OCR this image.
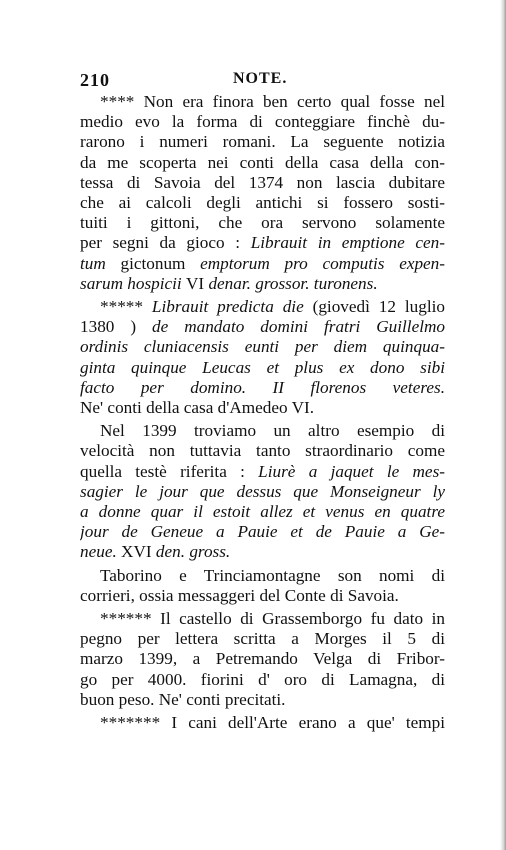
210	NOTE.
**** Non era finora ben certo qual fosse nel
medio evo la forma di conteggiare finchè du-
rarono i numeri romani. La seguente notizia
da me scoperta nei conti della casa della con-
tessa di Savoia del 1374 non lascia dubitare
che ai calcoli degli antichi si fossero sosti-
tuiti i gittoni, che ora servono solamente
per segni da gioco : Librauit in emptione cen-
tum gictonum emptorum pro computis expen-
sarum hospicii VI denar. grossor. turonens.
***** Librauit predicta die (giovedì 12 luglio
1380 ) de mandato domini fratri Guillelmo
ordinis cluniacensis eunti per diem quinqua-
ginta quinque Leucas et plus ex dono sibi
facto per domino. II florenos veteres.
Ne' conti della casa d'Amedeo VI.
Nel 1399 troviamo un altro esempio di
velocità non tuttavia tanto straordinario come
quella testè riferita : Liurè a jaquet le mes-
sagier le jour que dessus que Monseigneur ly
a donne quar il estoit allez et venus en quatre
jour de Geneue a Pauie et de Pauie a Ge-
neue. XVI den. gross.
Taborino e Trinciamontagne son nomi di
corrieri, ossia messaggeri del Conte di Savoia.
****** Il castello di Grassemborgo fu dato in
pegno per lettera scritta a Morges il 5 di
marzo 1399, a Petremando Velga di Fribor-
go per 4000. fiorini d' oro di Lamagna, di
buon peso. Ne' conti precitati.
******* I cani dell'Arte erano a que' tempi
